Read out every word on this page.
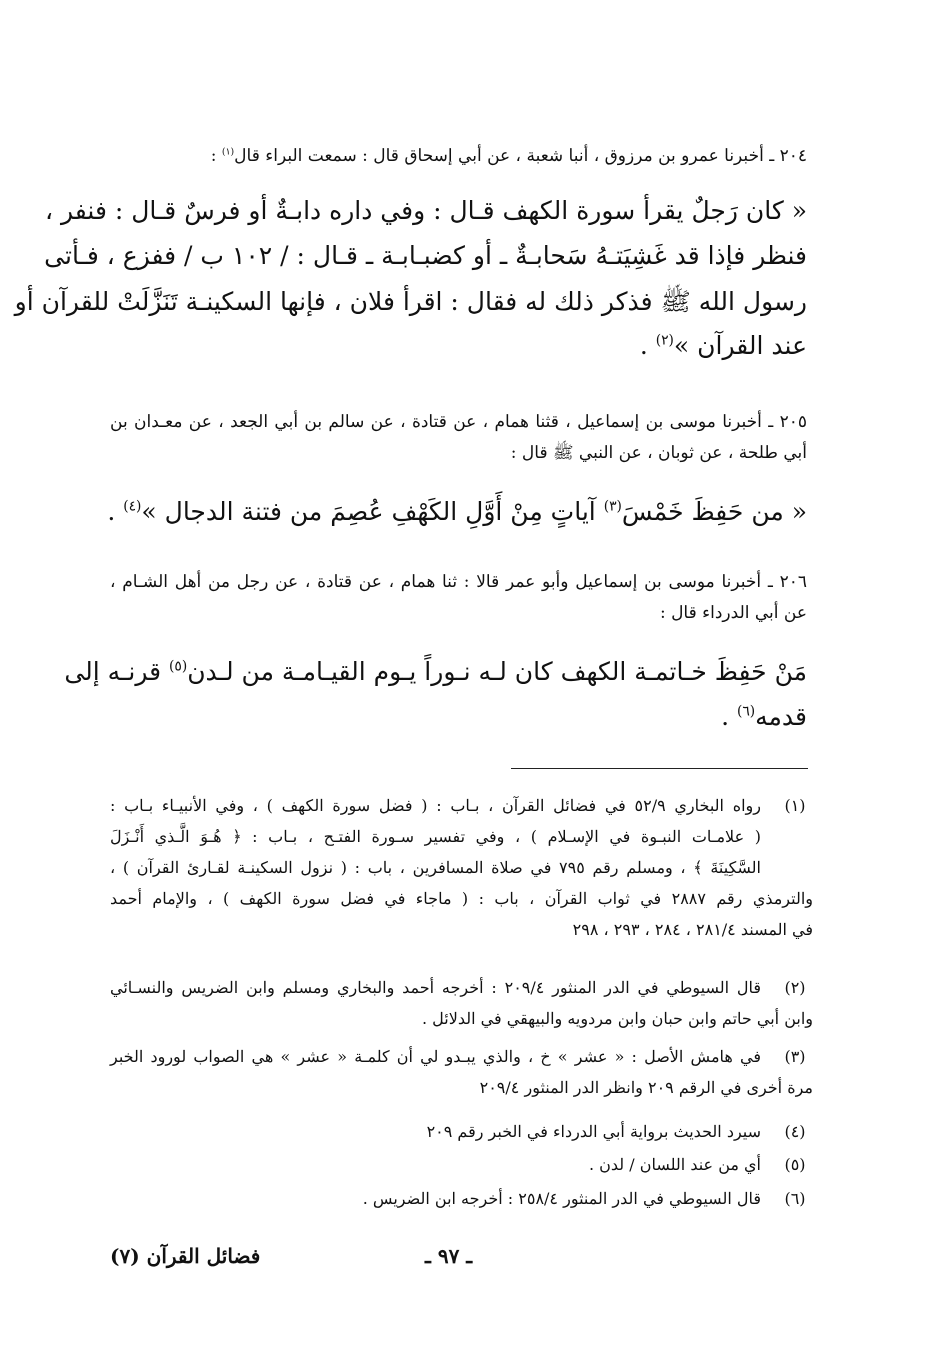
٢٠٤ ـ أخبرنا عمرو بن مرزوق ، أنبا شعبة ، عن أبي إسحاق قال : سمعت البراء قال$^{(١)}$ :
« كان رَجلٌ يقرأ سورة الكهف قـال : وفي داره دابـةٌ أو فرسٌ قـال : فنفر ،
فنظر فإذا قد غَشِيَتـهُ سَحابـةٌ ـ أو كضبـابـة ـ قـال : / ١٠٢ ب / ففزع ، فـأتى
رسول الله ﷺ فذكر ذلك له فقال : اقرأ فلان ، فإنها السكينـة تَنَزَّلَتْ للقرآن أو
عند القرآن »$^{(٢)}$ .
٢٠٥ ـ أخبرنا موسى بن إسماعيل ، قثنا همام ، عن قتادة ، عن سالم بن أبي الجعد ، عن معـدان بن
أبي طلحة ، عن ثوبان ، عن النبي ﷺ قال :
« من حَفِظَ خَمْسَ$^{(٣)}$ آياتٍ مِنْ أَوَّلِ الكَهْفِ عُصِمَ من فتنة الدجال »$^{(٤)}$ .
٢٠٦ ـ أخبرنا موسى بن إسماعيل وأبو عمر قالا : ثنا همام ، عن قتادة ، عن رجل من أهل الشـام ،
عن أبي الدرداء قال :
مَنْ حَفِظَ خـاتمـة الكهف كان لـه نـوراً يـوم القيـامـة من لـدن$^{(٥)}$ قرنـه إلى
قدمه$^{(٦)}$ .
(١)
رواه البخاري ٥٢/٩ في فضائل القرآن ، بـاب : ( فضل سورة الكهف ) ، وفي الأنبيـاء بـاب :
( علامـات النبـوة في الإسـلام ) ، وفي تفسير سـورة الفتـح ، بـاب : ﴿ هُـوَ الَّـذي أَنْـزَلَ
السَّكِينَةَ ﴾ ، ومسلم رقم ٧٩٥ في صلاة المسافرين ، باب : ( نزول السكينـة لقـارئ القرآن ) ،
والترمذي رقم ٢٨٨٧ في ثواب القرآن ، باب : ( ماجاء في فضل سورة الكهف ) ، والإمام أحمد
في المسند ٢٨١/٤ ، ٢٨٤ ، ٢٩٣ ، ٢٩٨
(٢)
قال السيوطي في الدر المنثور ٢٠٩/٤ : أخرجه أحمد والبخاري ومسلم وابن الضريس والنسـائي
وابن أبي حاتم وابن حبان وابن مردويه والبيهقي في الدلائل .
(٣)
في هامش الأصل : « عشر » خ ، والذي يبـدو لي أن كلمـة « عشر » هي الصواب لورود الخبر
مرة أخرى في الرقم ٢٠٩ وانظر الدر المنثور ٢٠٩/٤
(٤)
سيرد الحديث برواية أبي الدرداء في الخبر رقم ٢٠٩
(٥)
أي من عند اللسان / لدن .
(٦)
قال السيوطي في الدر المنثور ٢٥٨/٤ : أخرجه ابن الضريس .
ـ ٩٧ ـ
فضائل القرآن (٧)
